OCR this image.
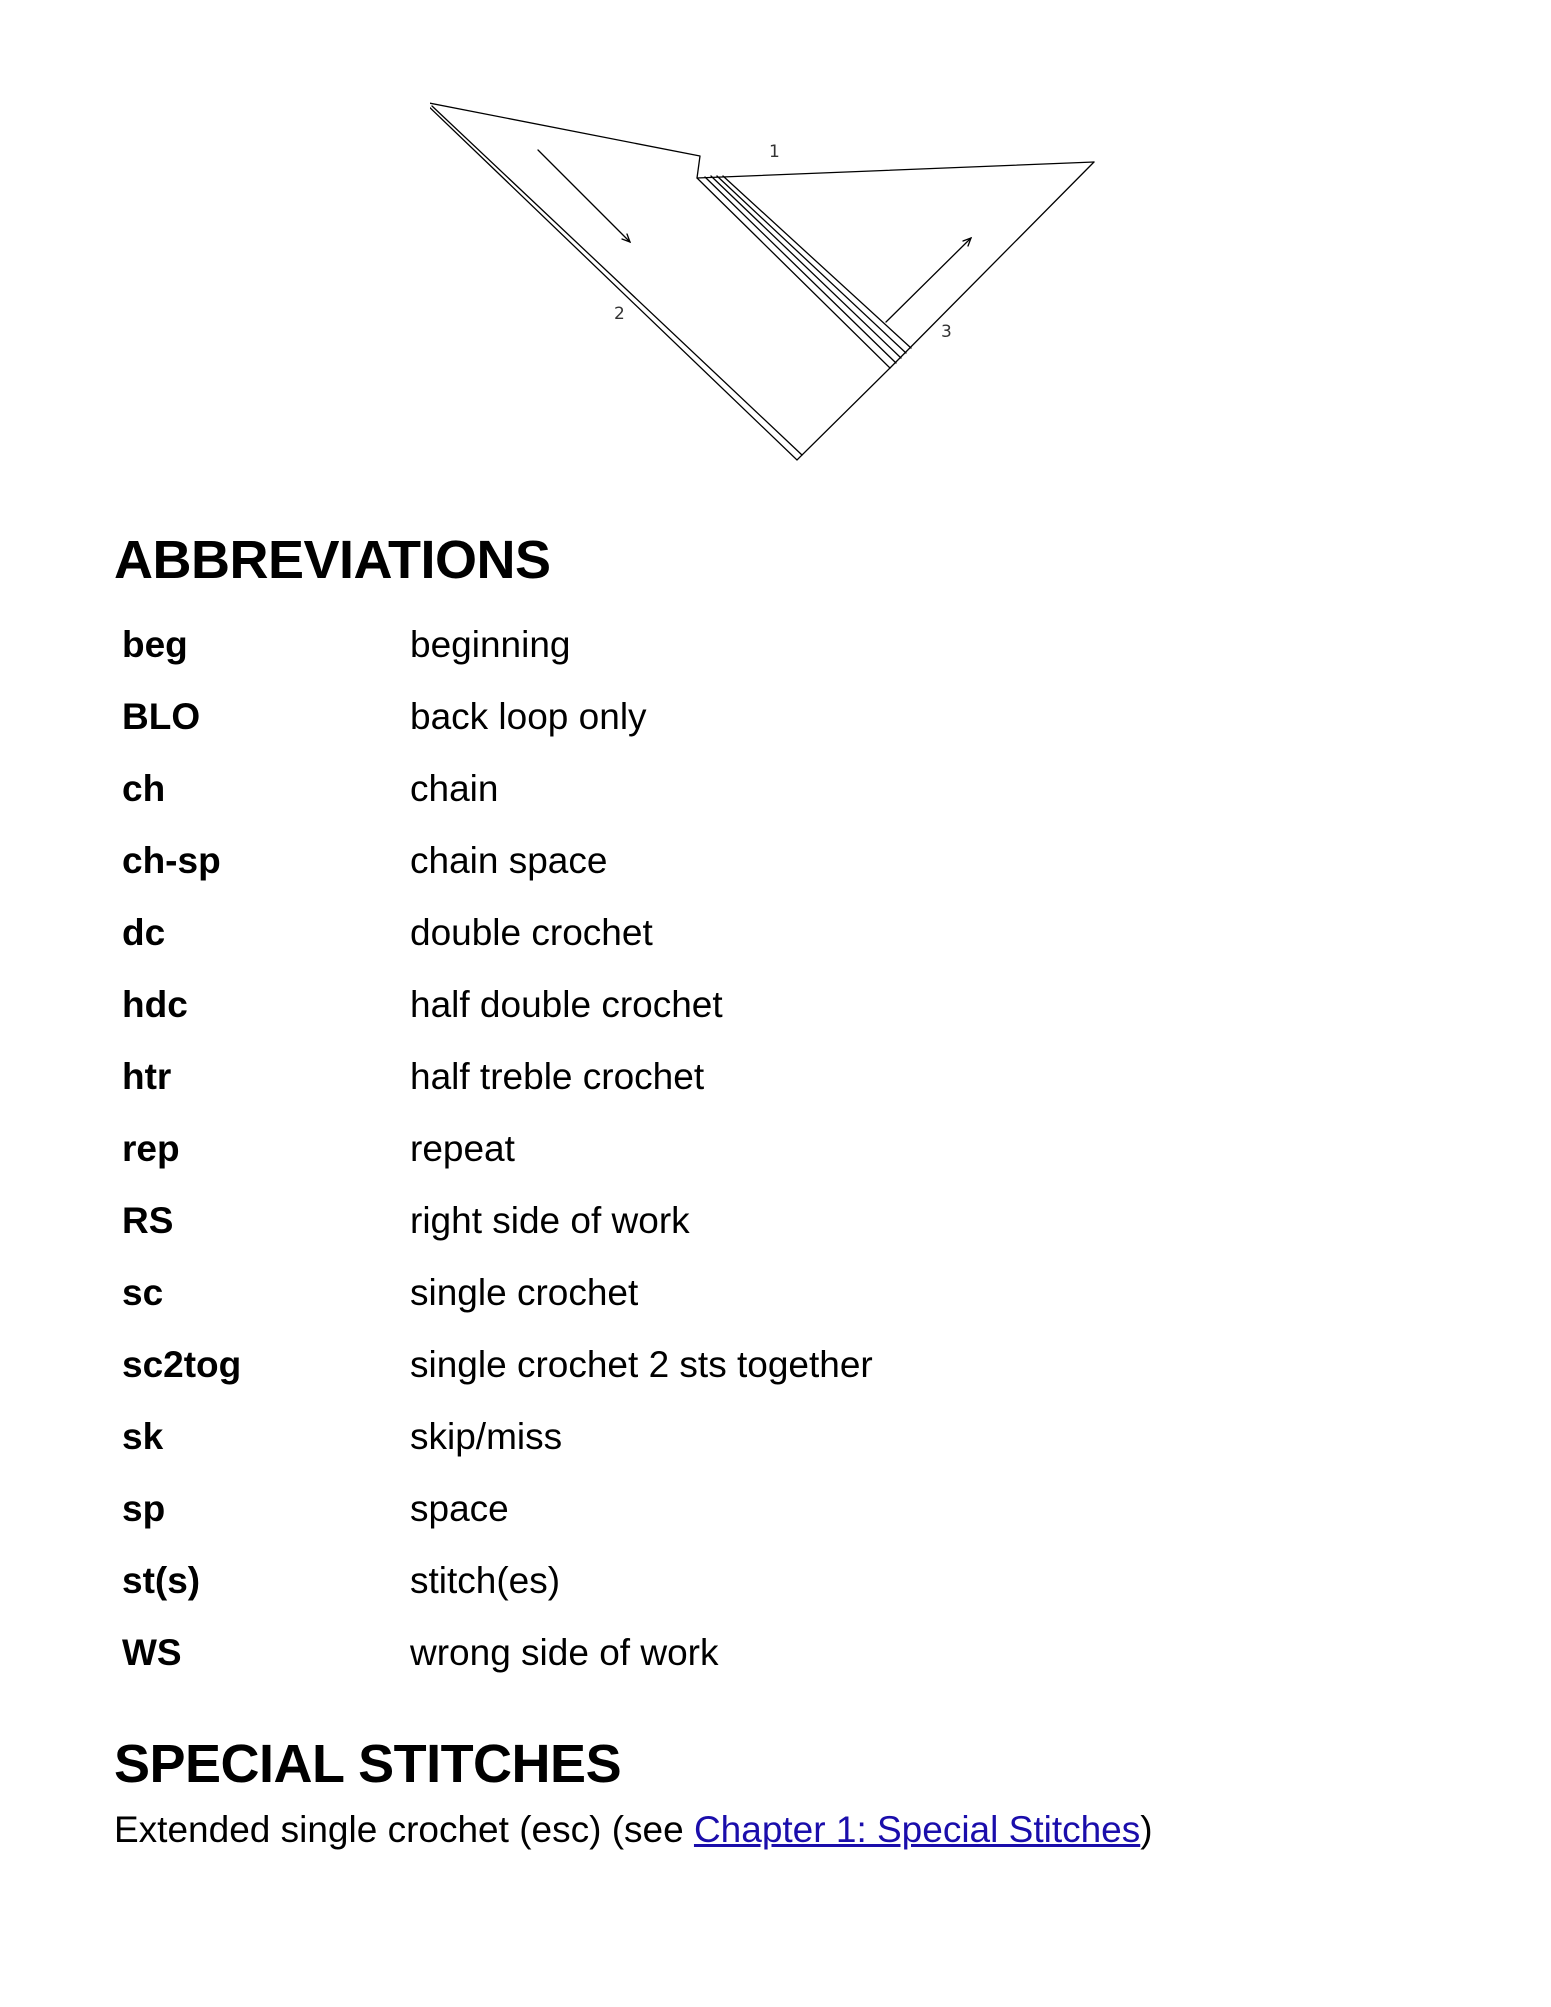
1
2
3
ABBREVIATIONS
beg	beginning
BLO	back loop only
ch	chain
ch-sp	chain space
dc	double crochet
hdc	half double crochet
htr	half treble crochet
rep	repeat
RS	right side of work
sc	single crochet
sc2tog	single crochet 2 sts together
sk	skip/miss
sp	space
st(s)	stitch(es)
WS	wrong side of work
SPECIAL STITCHES

Extended single crochet (esc) (see Chapter 1: Special Stitches)
